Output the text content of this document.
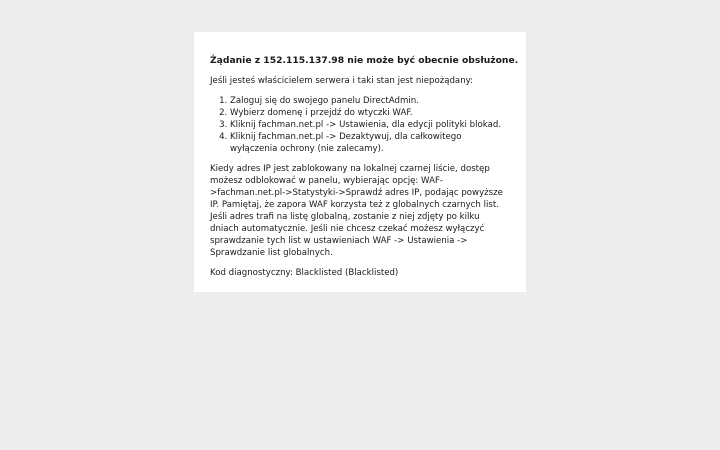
Żądanie z 152.115.137.98 nie może być obecnie obsłużone.

Jeśli jesteś właścicielem serwera i taki stan jest niepożądany:

1. Zaloguj się do swojego panelu DirectAdmin.
2. Wybierz domenę i przejdź do wtyczki WAF.
3. Kliknij fachman.net.pl -> Ustawienia, dla edycji polityki blokad.
4. Kliknij fachman.net.pl -> Dezaktywuj, dla całkowitego wyłączenia ochrony (nie zalecamy).

Kiedy adres IP jest zablokowany na lokalnej czarnej liście, dostęp możesz odblokować w panelu, wybierając opcję: WAF->fachman.net.pl->Statystyki->Sprawdź adres IP, podając powyższe IP. Pamiętaj, że zapora WAF korzysta też z globalnych czarnych list. Jeśli adres trafi na listę globalną, zostanie z niej zdjęty po kilku dniach automatycznie. Jeśli nie chcesz czekać możesz wyłączyć sprawdzanie tych list w ustawieniach WAF -> Ustawienia -> Sprawdzanie list globalnych.

Kod diagnostyczny: Blacklisted (Blacklisted)
